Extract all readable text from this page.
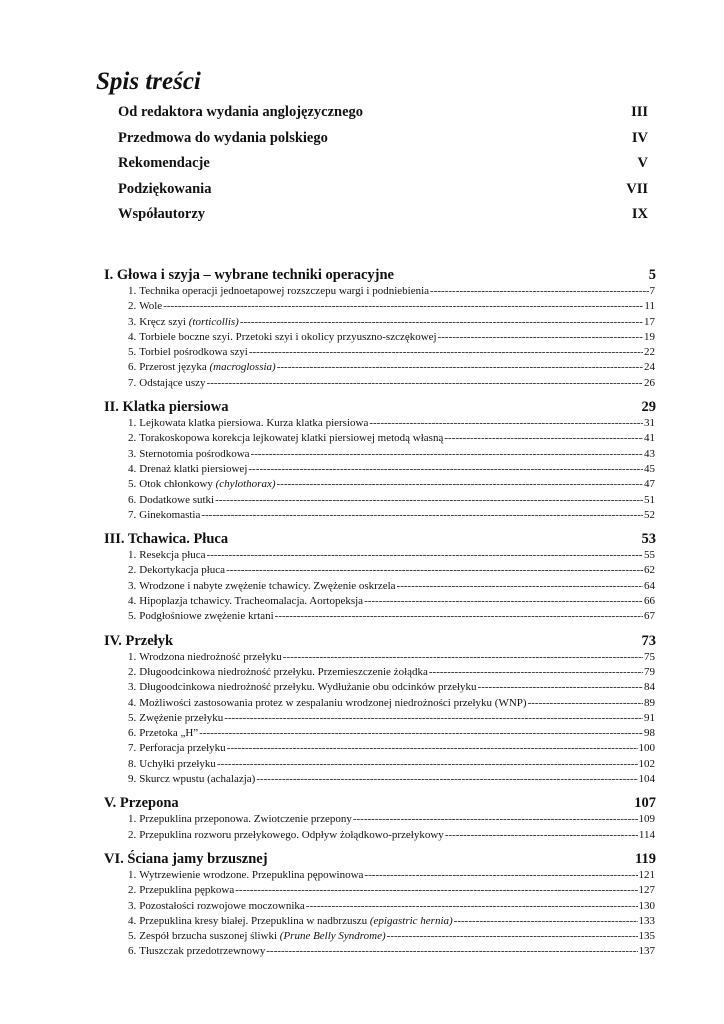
Spis treści
Od redaktora wydania anglojęzycznego	III
Przedmowa do wydania polskiego	IV
Rekomendacje	V
Podziękowania	VII
Współautorzy	IX
I. Głowa i szyja – wybrane techniki operacyjne	5
1. Technika operacji jednoetapowej rozszczepu wargi i podniebienia -----	7
2. Wole -----	11
3. Kręcz szyi (torticollis) -----	17
4. Torbiele boczne szyi. Przetoki szyi i okolicy przyuszno-szczękowej -----	19
5. Torbiel pośrodkowa szyi -----	22
6. Przerost języka (macroglossia) -----	24
7. Odstające uszy -----	26
II. Klatka piersiowa	29
1. Lejkowata klatka piersiowa. Kurza klatka piersiowa -----	31
2. Torakoskopowa korekcja lejkowatej klatki piersiowej metodą własną -----	41
3. Sternotomia pośrodkowa -----	43
4. Drenaż klatki piersiowej -----	45
5. Otok chłonkowy (chylothorax) -----	47
6. Dodatkowe sutki -----	51
7. Ginekomastia -----	52
III. Tchawica. Płuca	53
1. Resekcja płuca -----	55
2. Dekortykacja płuca -----	62
3. Wrodzone i nabyte zwężenie tchawicy. Zwężenie oskrzela -----	64
4. Hipoplazja tchawicy. Tracheomalacja. Aortopeksja -----	66
5. Podgłośniowe zwężenie krtani -----	67
IV. Przełyk	73
1. Wrodzona niedrożność przełyku -----	75
2. Długoodcinkowa niedrożność przełyku. Przemieszczenie żołądka -----	79
3. Długoodcinkowa niedrożność przełyku. Wydłużanie obu odcinków przełyku -----	84
4. Możliwości zastosowania protez w zespalaniu wrodzonej niedrożności przełyku (WNP) -----	89
5. Zwężenie przełyku -----	91
6. Przetoka „H” -----	98
7. Perforacja przełyku -----	100
8. Uchyłki przełyku -----	102
9. Skurcz wpustu (achalazja) -----	104
V. Przepona	107
1. Przepuklina przeponowa. Zwiotczenie przepony -----	109
2. Przepuklina rozworu przełykowego. Odpływ żołądkowo-przełykowy -----	114
VI. Ściana jamy brzusznej	119
1. Wytrzewienie wrodzone. Przepuklina pępowinowa -----	121
2. Przepuklina pępkowa -----	127
3. Pozostałości rozwojowe moczownika -----	130
4. Przepuklina kresy białej. Przepuklina w nadbrzuszu (epigastric hernia) -----	133
5. Zespół brzucha suszonej śliwki (Prune Belly Syndrome) -----	135
6. Tłuszczak przedotrzewnowy -----	137
